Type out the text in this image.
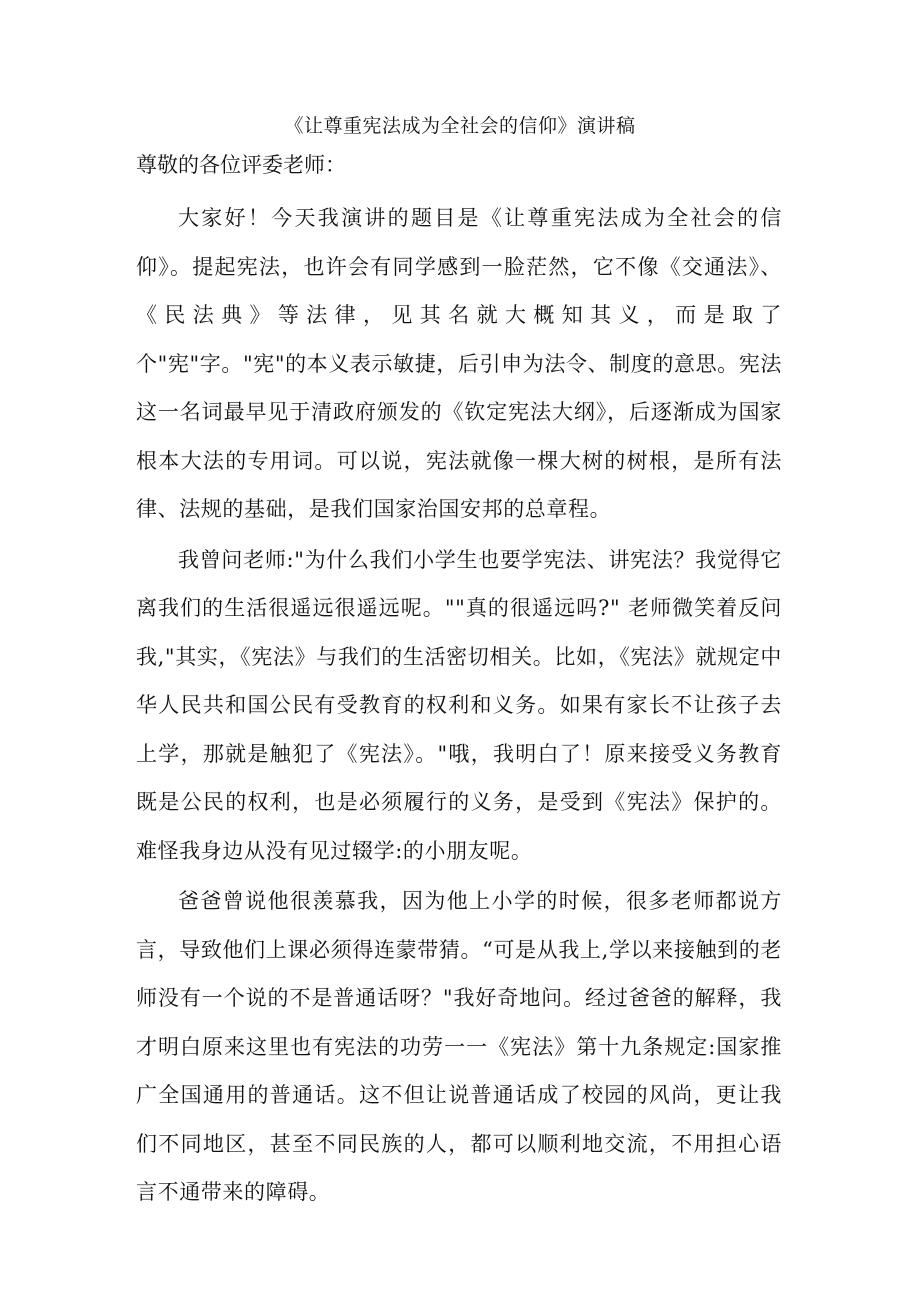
《让尊重宪法成为全社会的信仰》演讲稿
尊敬的各位评委老师：

大家好！今天我演讲的题目是《让尊重宪法成为全社会的信仰》。提起宪法，也许会有同学感到一脸茫然，它不像《交通法》、《民法典》等法律，见其名就大概知其义，而是取了个"宪"字。"宪"的本义表示敏捷，后引申为法令、制度的意思。宪法这一名词最早见于清政府颁发的《钦定宪法大纲》，后逐渐成为国家根本大法的专用词。可以说，宪法就像一棵大树的树根，是所有法律、法规的基础，是我们国家治国安邦的总章程。

我曾问老师:"为什么我们小学生也要学宪法、讲宪法？我觉得它离我们的生活很遥远很遥远呢。""真的很遥远吗?" 老师微笑着反问我,"其实，《宪法》与我们的生活密切相关。比如，《宪法》就规定中华人民共和国公民有受教育的权利和义务。如果有家长不让孩子去上学，那就是触犯了《宪法》。"哦，我明白了！原来接受义务教育既是公民的权利，也是必须履行的义务，是受到《宪法》保护的。难怪我身边从没有见过辍学:的小朋友呢。

爸爸曾说他很羡慕我，因为他上小学的时候，很多老师都说方言，导致他们上课必须得连蒙带猜。“可是从我上,学以来接触到的老师没有一个说的不是普通话呀？"我好奇地问。经过爸爸的解释，我才明白原来这里也有宪法的功劳一一《宪法》第十九条规定:国家推广全国通用的普通话。这不但让说普通话成了校园的风尚，更让我们不同地区，甚至不同民族的人，都可以顺利地交流，不用担心语言不通带来的障碍。
